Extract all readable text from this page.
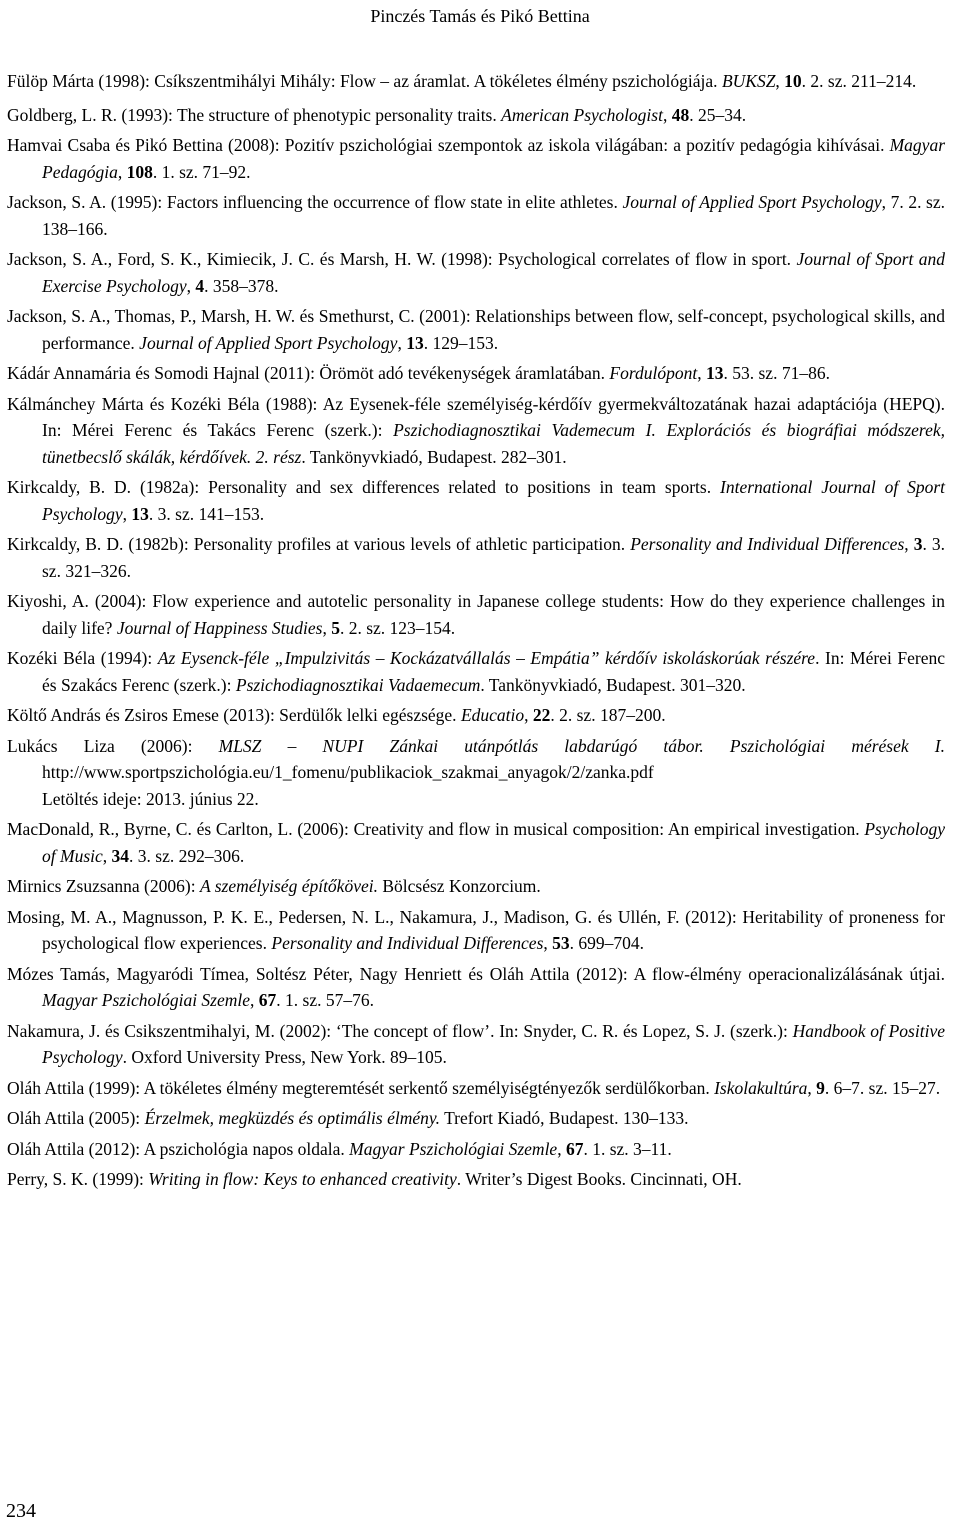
Pinczés Tamás és Pikó Bettina

Fülöp Márta (1998): Csíkszentmihályi Mihály: Flow – az áramlat. A tökéletes élmény pszichológiája. BUKSZ, 10. 2. sz. 211–214.

Goldberg, L. R. (1993): The structure of phenotypic personality traits. American Psychologist, 48. 25–34.

Hamvai Csaba és Pikó Bettina (2008): Pozitív pszichológiai szempontok az iskola világában: a pozitív pedagógia kihívásai. Magyar Pedagógia, 108. 1. sz. 71–92.

Jackson, S. A. (1995): Factors influencing the occurrence of flow state in elite athletes. Journal of Applied Sport Psychology, 7. 2. sz. 138–166.

Jackson, S. A., Ford, S. K., Kimiecik, J. C. és Marsh, H. W. (1998): Psychological correlates of flow in sport. Journal of Sport and Exercise Psychology, 4. 358–378.

Jackson, S. A., Thomas, P., Marsh, H. W. és Smethurst, C. (2001): Relationships between flow, self-concept, psychological skills, and performance. Journal of Applied Sport Psychology, 13. 129–153.

Kádár Annamária és Somodi Hajnal (2011): Örömöt adó tevékenységek áramlatában. Fordulópont, 13. 53. sz. 71–86.

Kálmánchey Márta és Kozéki Béla (1988): Az Eysenek-féle személyiség-kérdőív gyermekváltozatának hazai adaptációja (HEPQ). In: Mérei Ferenc és Takács Ferenc (szerk.): Pszichodiagnosztikai Vademecum I. Explorációs és biográfiai módszerek, tünetbecslő skálák, kérdőívek. 2. rész. Tankönyvkiadó, Budapest. 282–301.

Kirkcaldy, B. D. (1982a): Personality and sex differences related to positions in team sports. International Journal of Sport Psychology, 13. 3. sz. 141–153.

Kirkcaldy, B. D. (1982b): Personality profiles at various levels of athletic participation. Personality and Individual Differences, 3. 3. sz. 321–326.

Kiyoshi, A. (2004): Flow experience and autotelic personality in Japanese college students: How do they experience challenges in daily life? Journal of Happiness Studies, 5. 2. sz. 123–154.

Kozéki Béla (1994): Az Eysenck-féle „Impulzivitás – Kockázatvállalás – Empátia” kérdőív iskoláskorúak részére. In: Mérei Ferenc és Szakács Ferenc (szerk.): Pszichodiagnosztikai Vadaemecum. Tankönyvkiadó, Budapest. 301–320.

Költő András és Zsiros Emese (2013): Serdülők lelki egészsége. Educatio, 22. 2. sz. 187–200.

Lukács Liza (2006): MLSZ – NUPI Zánkai utánpótlás labdarúgó tábor. Pszichológiai mérések I. http://www.sportpszichológia.eu/1_fomenu/publikaciok_szakmai_anyagok/2/zanka.pdf
Letöltés ideje: 2013. június 22.

MacDonald, R., Byrne, C. és Carlton, L. (2006): Creativity and flow in musical composition: An empirical investigation. Psychology of Music, 34. 3. sz. 292–306.

Mirnics Zsuzsanna (2006): A személyiség építőkövei. Bölcsész Konzorcium.

Mosing, M. A., Magnusson, P. K. E., Pedersen, N. L., Nakamura, J., Madison, G. és Ullén, F. (2012): Heritability of proneness for psychological flow experiences. Personality and Individual Differences, 53. 699–704.

Mózes Tamás, Magyaródi Tímea, Soltész Péter, Nagy Henriett és Oláh Attila (2012): A flow-élmény operacionalizálásának útjai. Magyar Pszichológiai Szemle, 67. 1. sz. 57–76.

Nakamura, J. és Csikszentmihalyi, M. (2002): ‘The concept of flow’. In: Snyder, C. R. és Lopez, S. J. (szerk.): Handbook of Positive Psychology. Oxford University Press, New York. 89–105.

Oláh Attila (1999): A tökéletes élmény megteremtését serkentő személyiségtényezők serdülőkorban. Iskolakultúra, 9. 6–7. sz. 15–27.

Oláh Attila (2005): Érzelmek, megküzdés és optimális élmény. Trefort Kiadó, Budapest. 130–133.

Oláh Attila (2012): A pszichológia napos oldala. Magyar Pszichológiai Szemle, 67. 1. sz. 3–11.

Perry, S. K. (1999): Writing in flow: Keys to enhanced creativity. Writer’s Digest Books. Cincinnati, OH.

234
